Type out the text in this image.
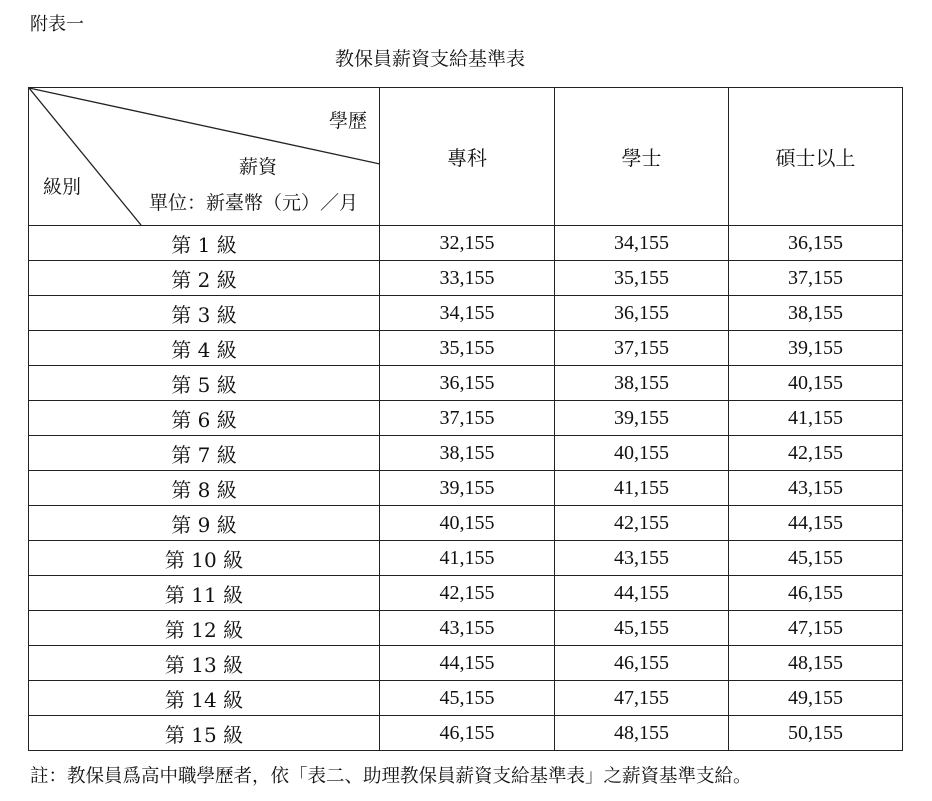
附表一
教保員薪資支給基準表
學歷
薪資
級別
單位：新臺幣（元）／月	專科	學士	碩士以上
第 1 級	32,155	34,155	36,155
第 2 級	33,155	35,155	37,155
第 3 級	34,155	36,155	38,155
第 4 級	35,155	37,155	39,155
第 5 級	36,155	38,155	40,155
第 6 級	37,155	39,155	41,155
第 7 級	38,155	40,155	42,155
第 8 級	39,155	41,155	43,155
第 9 級	40,155	42,155	44,155
第 10 級	41,155	43,155	45,155
第 11 級	42,155	44,155	46,155
第 12 級	43,155	45,155	47,155
第 13 級	44,155	46,155	48,155
第 14 級	45,155	47,155	49,155
第 15 級	46,155	48,155	50,155
註：教保員爲高中職學歷者，依「表二、助理教保員薪資支給基準表」之薪資基準支給。
